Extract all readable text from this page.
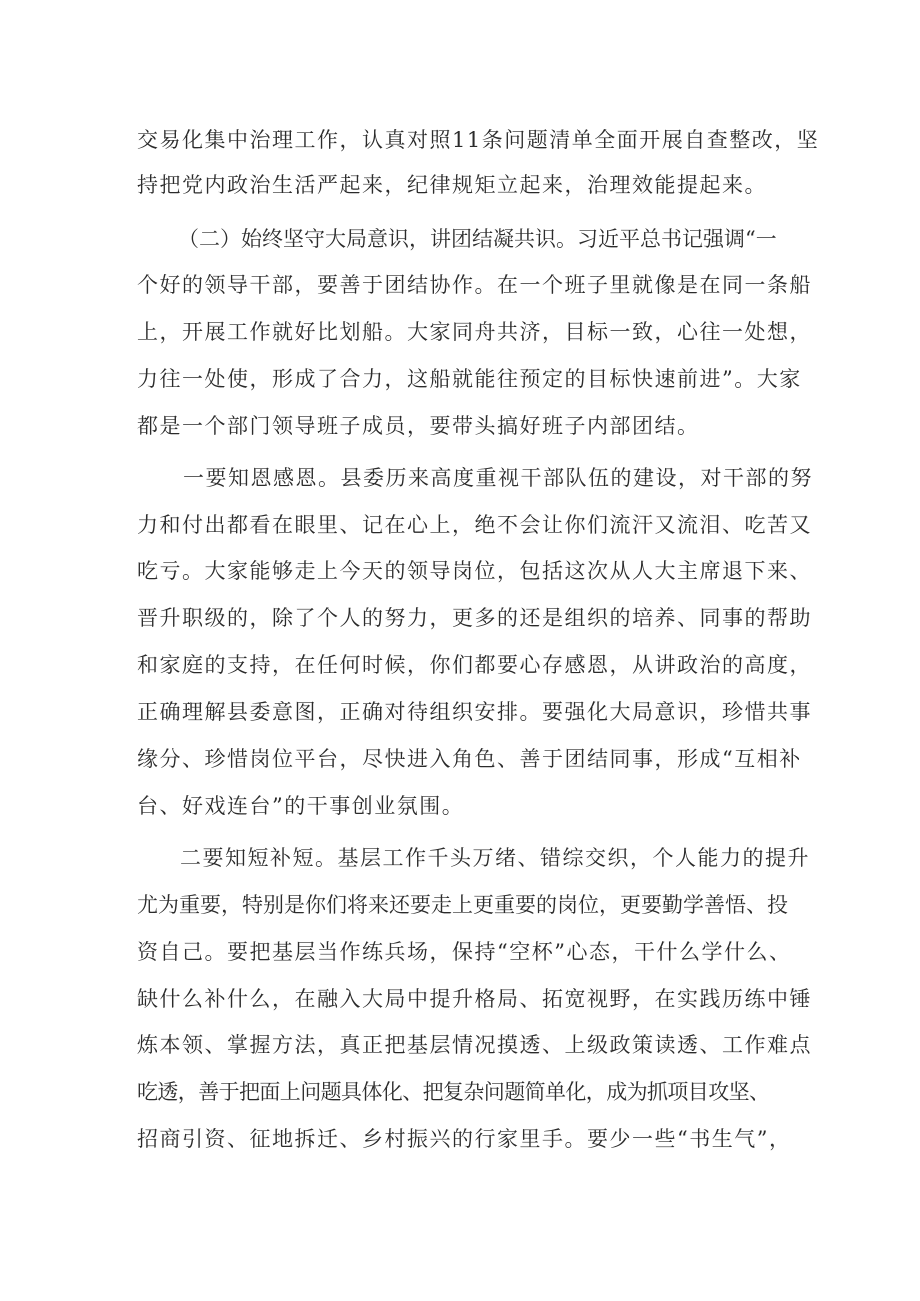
交易化集中治理工作，认真对照11条问题清单全面开展自查整改，坚
持把党内政治生活严起来，纪律规矩立起来，治理效能提起来。
（二）始终坚守大局意识，讲团结凝共识。习近平总书记强调“一
个好的领导干部，要善于团结协作。在一个班子里就像是在同一条船
上，开展工作就好比划船。大家同舟共济，目标一致，心往一处想，
力往一处使，形成了合力，这船就能往预定的目标快速前进”。大家
都是一个部门领导班子成员，要带头搞好班子内部团结。
一要知恩感恩。县委历来高度重视干部队伍的建设，对干部的努
力和付出都看在眼里、记在心上，绝不会让你们流汗又流泪、吃苦又
吃亏。大家能够走上今天的领导岗位，包括这次从人大主席退下来、
晋升职级的，除了个人的努力，更多的还是组织的培养、同事的帮助
和家庭的支持，在任何时候，你们都要心存感恩，从讲政治的高度，
正确理解县委意图，正确对待组织安排。要强化大局意识，珍惜共事
缘分、珍惜岗位平台，尽快进入角色、善于团结同事，形成“互相补
台、好戏连台”的干事创业氛围。
二要知短补短。基层工作千头万绪、错综交织，个人能力的提升
尤为重要，特别是你们将来还要走上更重要的岗位，更要勤学善悟、投
资自己。要把基层当作练兵场，保持“空杯”心态，干什么学什么、
缺什么补什么，在融入大局中提升格局、拓宽视野，在实践历练中锤
炼本领、掌握方法，真正把基层情况摸透、上级政策读透、工作难点
吃透，善于把面上问题具体化、把复杂问题简单化，成为抓项目攻坚、
招商引资、征地拆迁、乡村振兴的行家里手。要少一些“书生气”，
